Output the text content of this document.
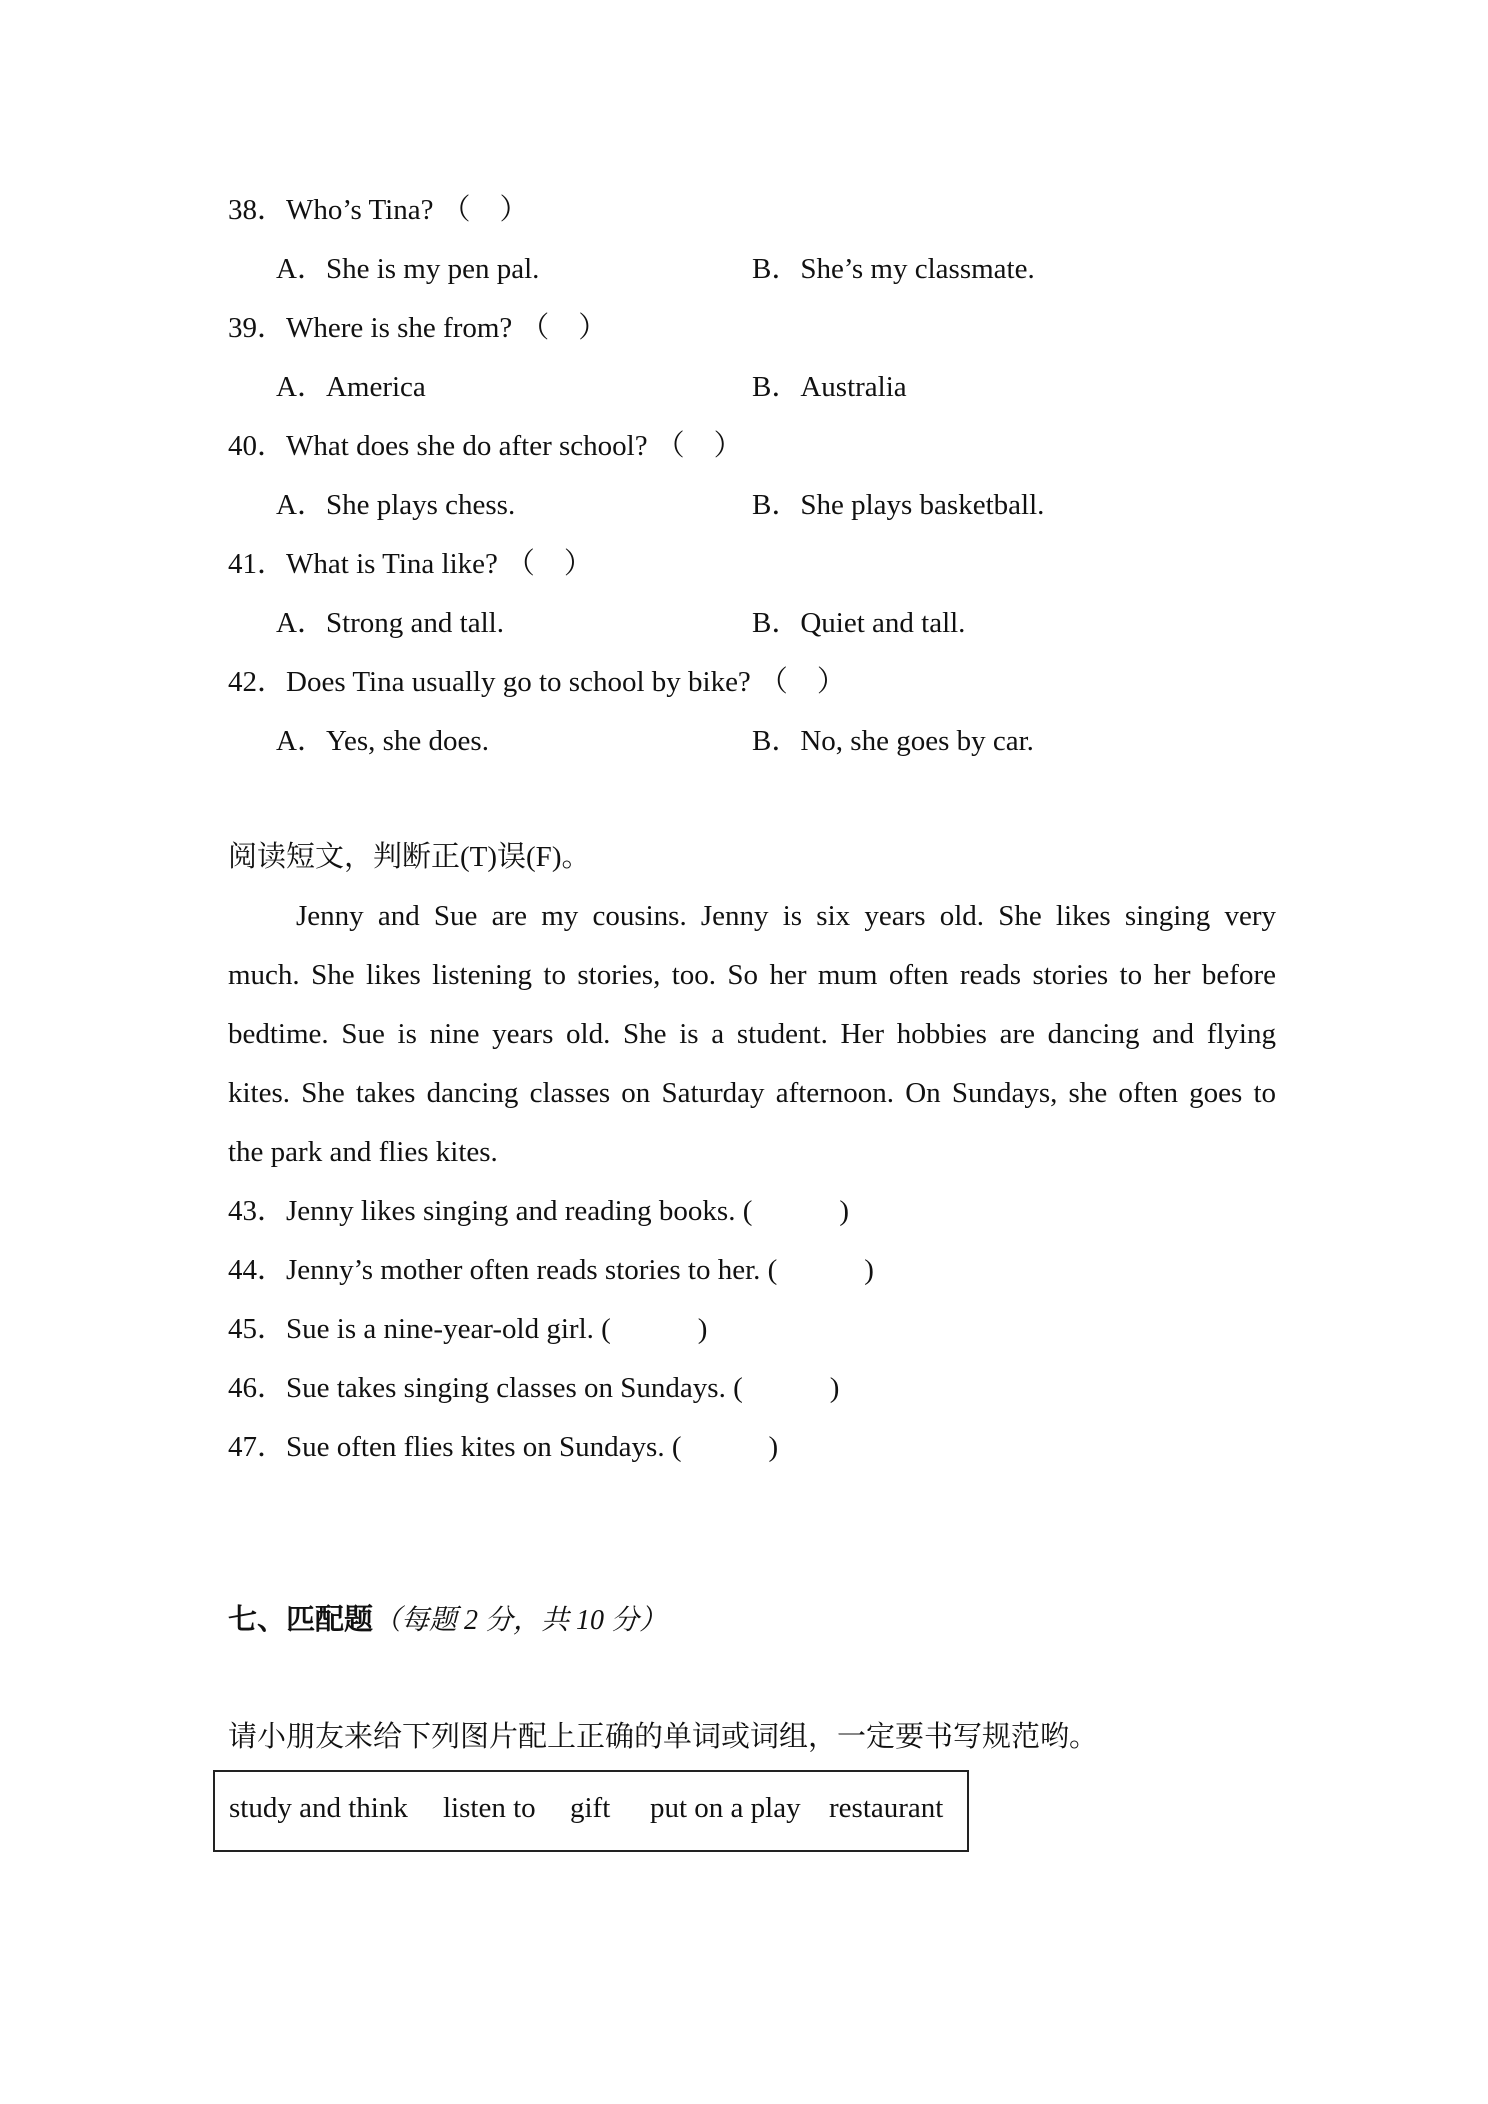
38．Who’s Tina? （　）
A．She is my pen pal.	B．She’s my classmate.
39．Where is she from? （　）
A．America	B．Australia
40．What does she do after school? （　）
A．She plays chess.	B．She plays basketball.
41．What is Tina like? （　）
A．Strong and tall.	B．Quiet and tall.
42．Does Tina usually go to school by bike? （　）
A．Yes, she does.	B．No, she goes by car.
阅读短文，判断正(T)误(F)。
Jenny and Sue are my cousins. Jenny is six years old. She likes singing very
much. She likes listening to stories, too. So her mum often reads stories to her before
bedtime. Sue is nine years old. She is a student. Her hobbies are dancing and flying
kites. She takes dancing classes on Saturday afternoon. On Sundays, she often goes to
the park and flies kites.
43．Jenny likes singing and reading books. (　　　)
44．Jenny’s mother often reads stories to her. (　　　)
45．Sue is a nine-year-old girl. (　　　)
46．Sue takes singing classes on Sundays. (　　　)
47．Sue often flies kites on Sundays. (　　　)
七、匹配题（每题 2 分，共 10 分）
请小朋友来给下列图片配上正确的单词或词组，一定要书写规范哟。
study and think listen to gift put on a play restaurant
